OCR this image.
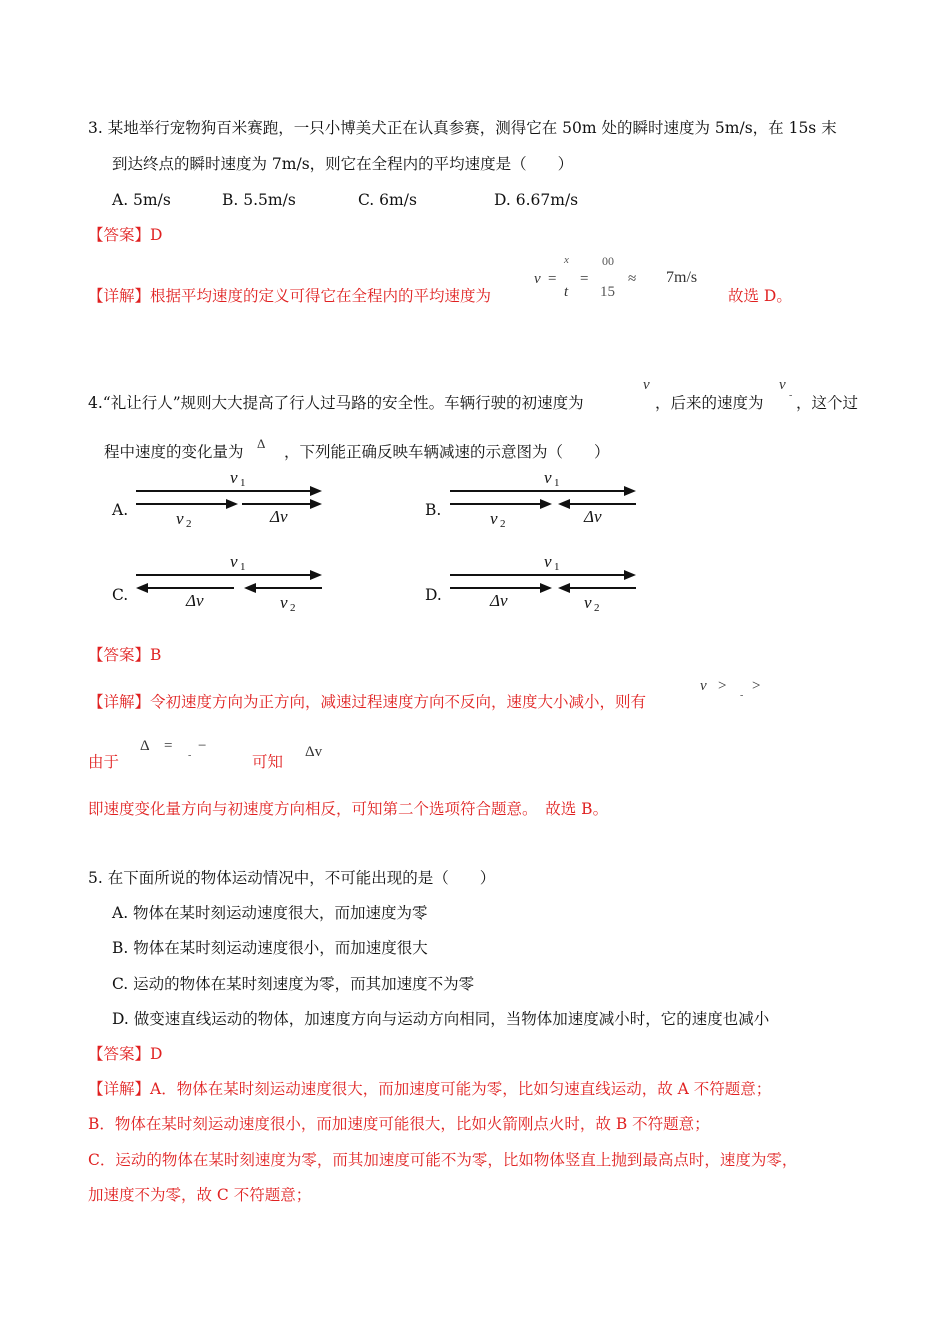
3. 某地举行宠物狗百米赛跑，一只小博美犬正在认真参赛，测得它在 50m 处的瞬时速度为 5m/s，在 15s 末
到达终点的瞬时速度为 7m/s，则它在全程内的平均速度是（　　）
A. 5m/s	B. 5.5m/s	C. 6m/s	D. 6.67m/s
【答案】D
【详解】根据平均速度的定义可得它在全程内的平均速度为
v =
x
t
=
00
15
≈ 7m/s
故选 D。
4.“礼让行人”规则大大提高了行人过马路的安全性。车辆行驶的初速度为
v
，后来的速度为
v
- ，这个过
程中速度的变化量为 Δ ，下列能正确反映车辆减速的示意图为（　　）
A.	B.
C.	D.
v 1
v 2	Δv
v 1
v 2	Δv
v 1
Δv	v 2
v 1
Δv	v 2
【答案】B
【详解】令初速度方向为正方向，减速过程速度方向不反向，速度大小减小，则有
v >
-
>
由于
Δ =
-
−
可知
Δv
即速度变化量方向与初速度方向相反，可知第二个选项符合题意。　故选 B。
5. 在下面所说的物体运动情况中，不可能出现的是（　　）
A. 物体在某时刻运动速度很大，而加速度为零
B. 物体在某时刻运动速度很小，而加速度很大
C. 运动的物体在某时刻速度为零，而其加速度不为零
D. 做变速直线运动的物体，加速度方向与运动方向相同，当物体加速度减小时，它的速度也减小
【答案】D
【详解】A．物体在某时刻运动速度很大，而加速度可能为零，比如匀速直线运动，故 A 不符题意；
B．物体在某时刻运动速度很小，而加速度可能很大，比如火箭刚点火时，故 B 不符题意；
C．运动的物体在某时刻速度为零，而其加速度可能不为零，比如物体竖直上抛到最高点时，速度为零，
加速度不为零，故 C 不符题意；
